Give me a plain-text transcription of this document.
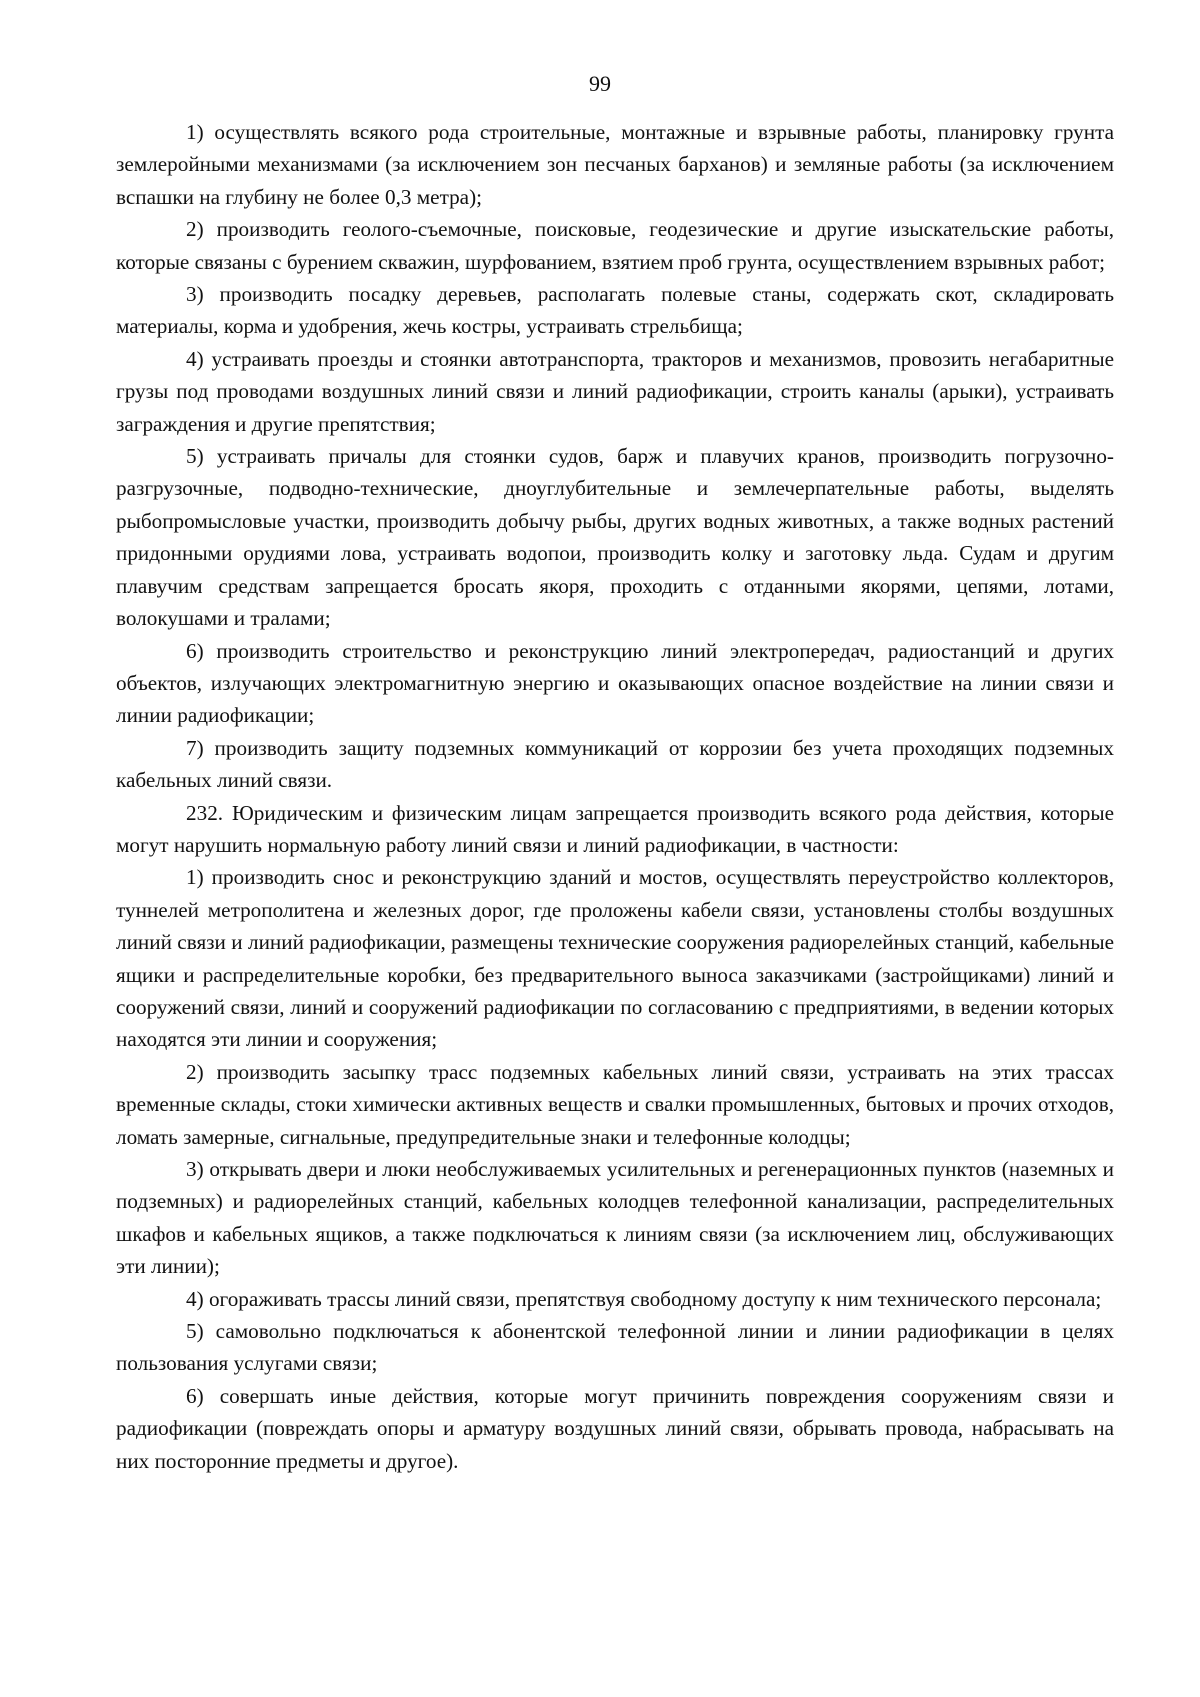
99

1) осуществлять всякого рода строительные, монтажные и взрывные работы, планировку грунта землеройными механизмами (за исключением зон песчаных барханов) и земляные работы (за исключением вспашки на глубину не более 0,3 метра);

2) производить геолого-съемочные, поисковые, геодезические и другие изыскательские работы, которые связаны с бурением скважин, шурфованием, взятием проб грунта, осуществлением взрывных работ;

3) производить посадку деревьев, располагать полевые станы, содержать скот, складировать материалы, корма и удобрения, жечь костры, устраивать стрельбища;

4) устраивать проезды и стоянки автотранспорта, тракторов и механизмов, провозить негабаритные грузы под проводами воздушных линий связи и линий радиофикации, строить каналы (арыки), устраивать заграждения и другие препятствия;

5) устраивать причалы для стоянки судов, барж и плавучих кранов, производить погрузочно-разгрузочные, подводно-технические, дноуглубительные и землечерпательные работы, выделять рыбопромысловые участки, производить добычу рыбы, других водных животных, а также водных растений придонными орудиями лова, устраивать водопои, производить колку и заготовку льда. Судам и другим плавучим средствам запрещается бросать якоря, проходить с отданными якорями, цепями, лотами, волокушами и тралами;

6) производить строительство и реконструкцию линий электропередач, радиостанций и других объектов, излучающих электромагнитную энергию и оказывающих опасное воздействие на линии связи и линии радиофикации;

7) производить защиту подземных коммуникаций от коррозии без учета проходящих подземных кабельных линий связи.

232. Юридическим и физическим лицам запрещается производить всякого рода действия, которые могут нарушить нормальную работу линий связи и линий радиофикации, в частности:

1) производить снос и реконструкцию зданий и мостов, осуществлять переустройство коллекторов, туннелей метрополитена и железных дорог, где проложены кабели связи, установлены столбы воздушных линий связи и линий радиофикации, размещены технические сооружения радиорелейных станций, кабельные ящики и распределительные коробки, без предварительного выноса заказчиками (застройщиками) линий и сооружений связи, линий и сооружений радиофикации по согласованию с предприятиями, в ведении которых находятся эти линии и сооружения;

2) производить засыпку трасс подземных кабельных линий связи, устраивать на этих трассах временные склады, стоки химически активных веществ и свалки промышленных, бытовых и прочих отходов, ломать замерные, сигнальные, предупредительные знаки и телефонные колодцы;

3) открывать двери и люки необслуживаемых усилительных и регенерационных пунктов (наземных и подземных) и радиорелейных станций, кабельных колодцев телефонной канализации, распределительных шкафов и кабельных ящиков, а также подключаться к линиям связи (за исключением лиц, обслуживающих эти линии);

4) огораживать трассы линий связи, препятствуя свободному доступу к ним технического персонала;

5) самовольно подключаться к абонентской телефонной линии и линии радиофикации в целях пользования услугами связи;

6) совершать иные действия, которые могут причинить повреждения сооружениям связи и радиофикации (повреждать опоры и арматуру воздушных линий связи, обрывать провода, набрасывать на них посторонние предметы и другое).
